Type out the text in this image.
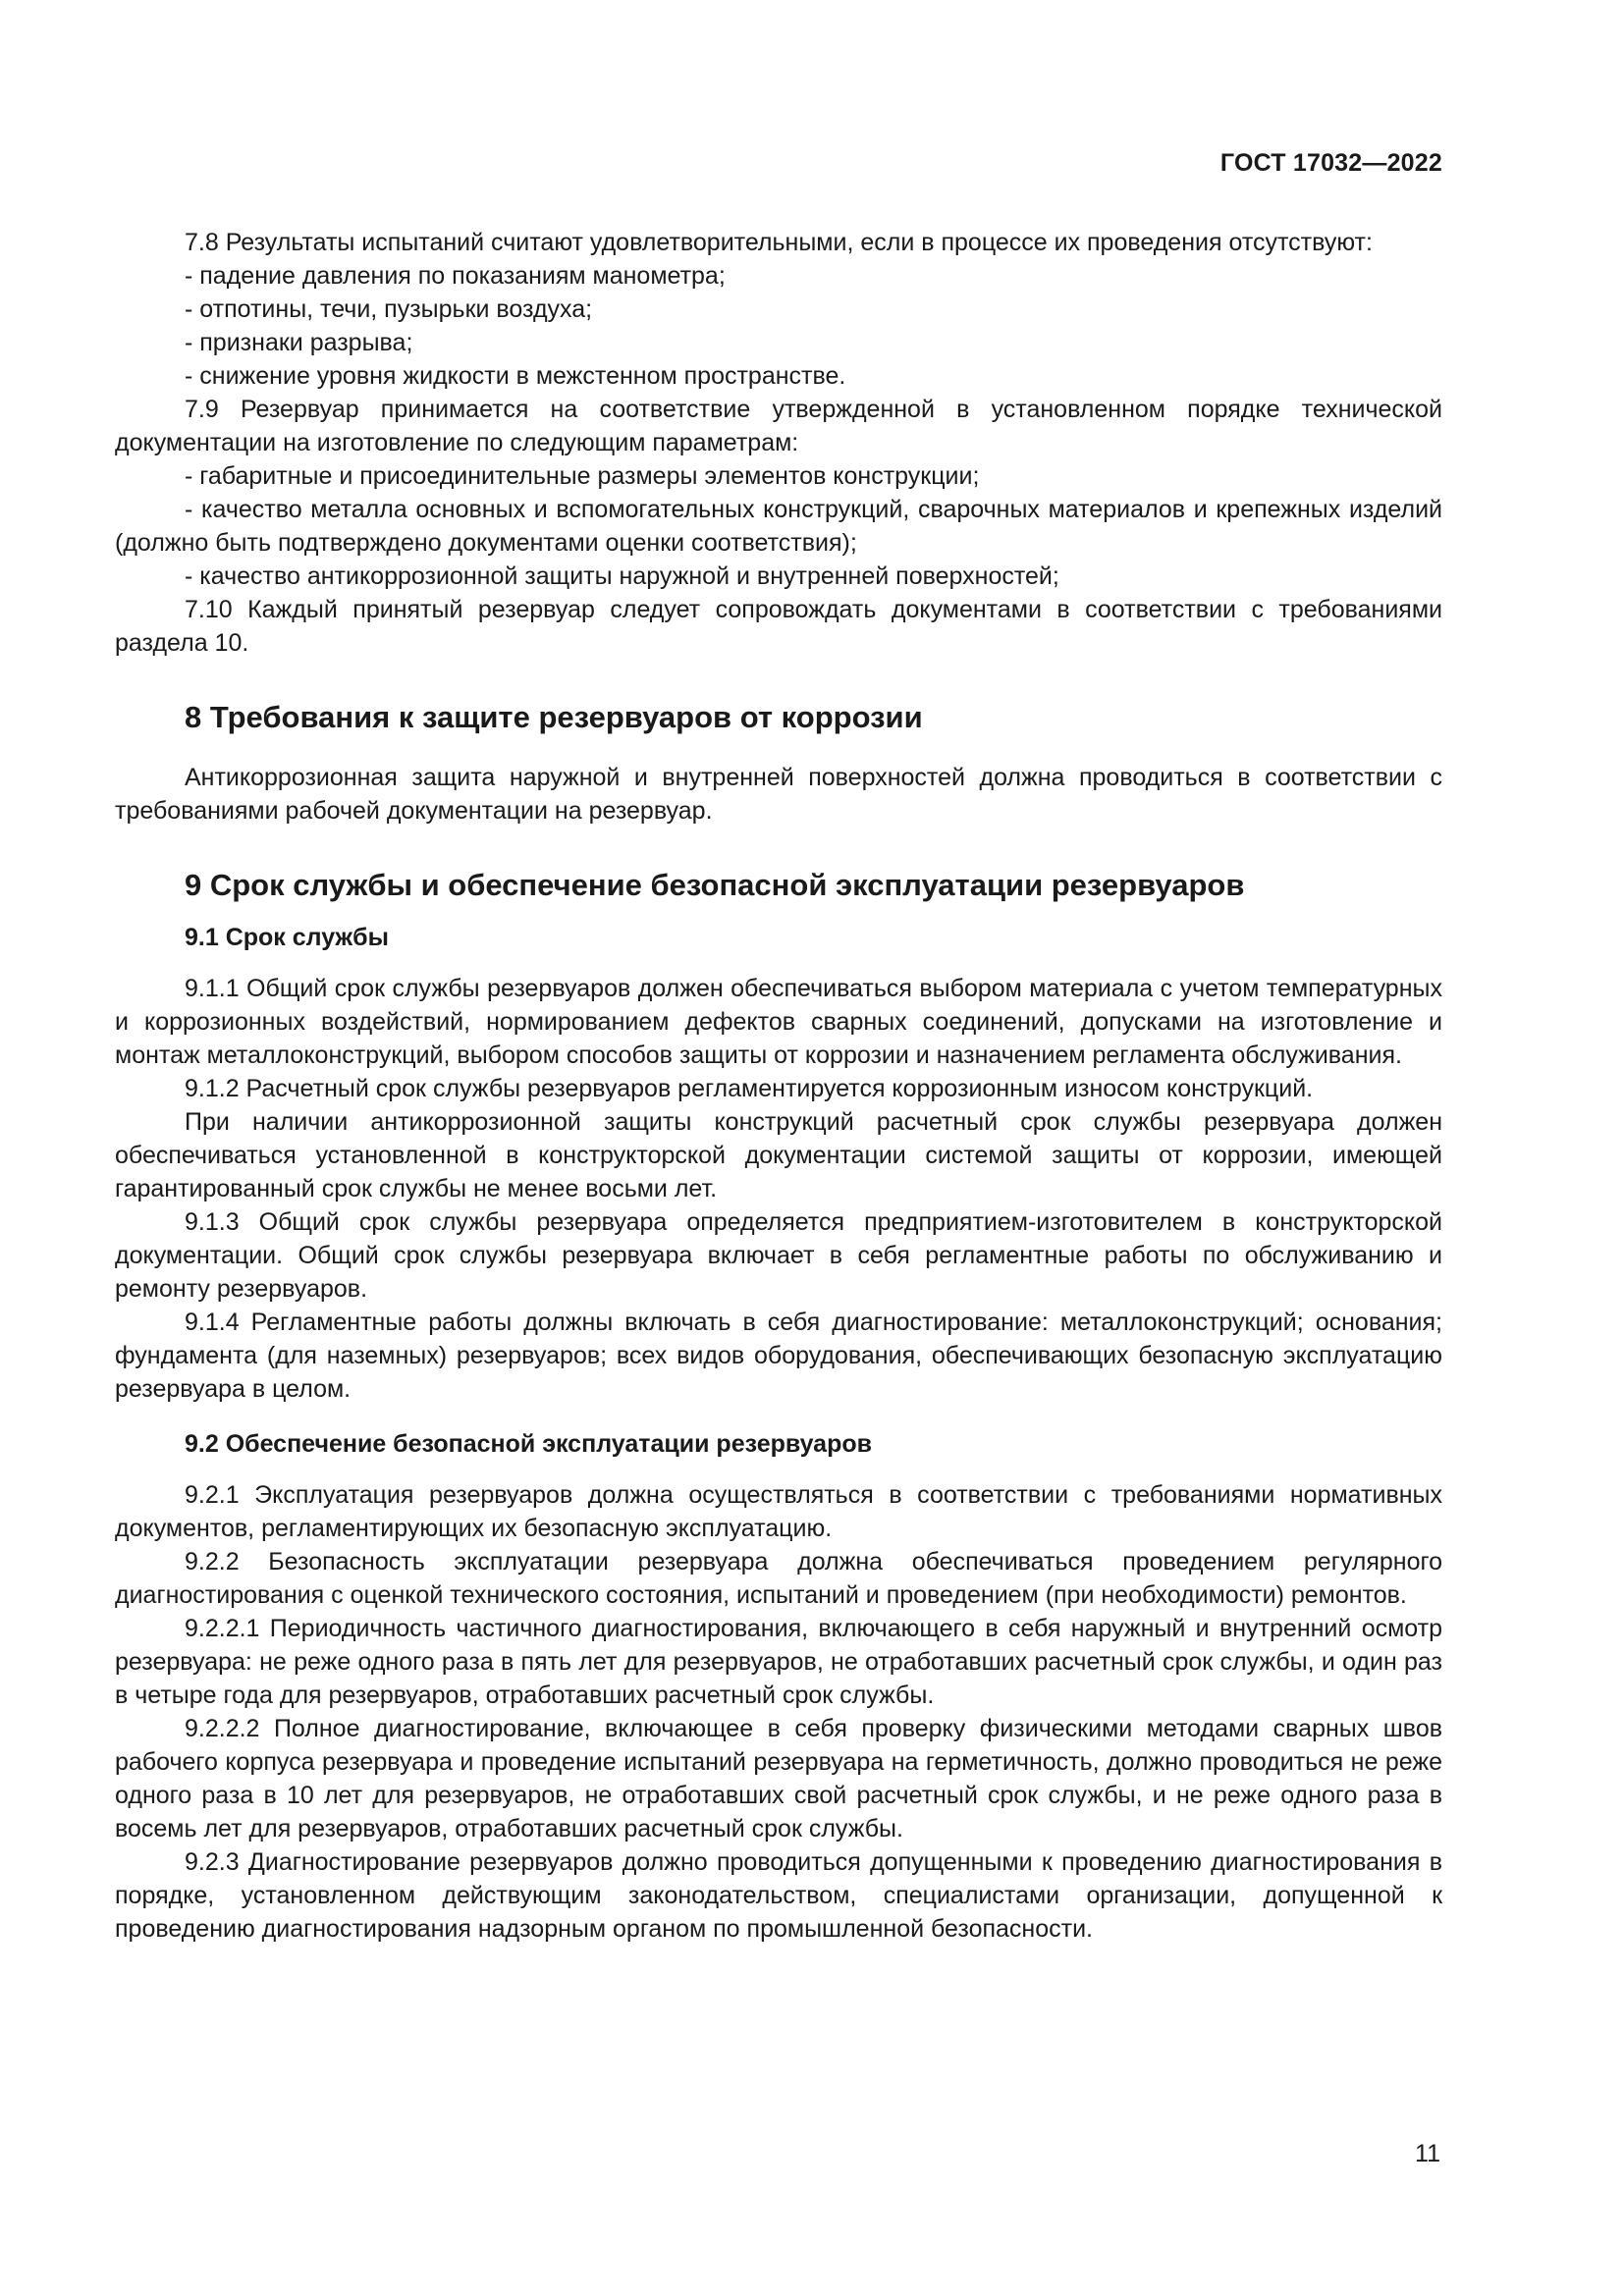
ГОСТ 17032—2022

7.8 Результаты испытаний считают удовлетворительными, если в процессе их проведения отсутствуют:

- падение давления по показаниям манометра;

- отпотины, течи, пузырьки воздуха;

- признаки разрыва;

- снижение уровня жидкости в межстенном пространстве.

7.9 Резервуар принимается на соответствие утвержденной в установленном порядке технической документации на изготовление по следующим параметрам:

- габаритные и присоединительные размеры элементов конструкции;

- качество металла основных и вспомогательных конструкций, сварочных материалов и крепежных изделий (должно быть подтверждено документами оценки соответствия);

- качество антикоррозионной защиты наружной и внутренней поверхностей;

7.10 Каждый принятый резервуар следует сопровождать документами в соответствии с требованиями раздела 10.

8 Требования к защите резервуаров от коррозии

Антикоррозионная защита наружной и внутренней поверхностей должна проводиться в соответствии с требованиями рабочей документации на резервуар.

9 Срок службы и обеспечение безопасной эксплуатации резервуаров
9.1 Срок службы

9.1.1 Общий срок службы резервуаров должен обеспечиваться выбором материала с учетом температурных и коррозионных воздействий, нормированием дефектов сварных соединений, допусками на изготовление и монтаж металлоконструкций, выбором способов защиты от коррозии и назначением регламента обслуживания.

9.1.2 Расчетный срок службы резервуаров регламентируется коррозионным износом конструкций.

При наличии антикоррозионной защиты конструкций расчетный срок службы резервуара должен обеспечиваться установленной в конструкторской документации системой защиты от коррозии, имеющей гарантированный срок службы не менее восьми лет.

9.1.3 Общий срок службы резервуара определяется предприятием-изготовителем в конструкторской документации. Общий срок службы резервуара включает в себя регламентные работы по обслуживанию и ремонту резервуаров.

9.1.4 Регламентные работы должны включать в себя диагностирование: металлоконструкций; основания; фундамента (для наземных) резервуаров; всех видов оборудования, обеспечивающих безопасную эксплуатацию резервуара в целом.

9.2 Обеспечение безопасной эксплуатации резервуаров

9.2.1 Эксплуатация резервуаров должна осуществляться в соответствии с требованиями нормативных документов, регламентирующих их безопасную эксплуатацию.

9.2.2 Безопасность эксплуатации резервуара должна обеспечиваться проведением регулярного диагностирования с оценкой технического состояния, испытаний и проведением (при необходимости) ремонтов.

9.2.2.1 Периодичность частичного диагностирования, включающего в себя наружный и внутренний осмотр резервуара: не реже одного раза в пять лет для резервуаров, не отработавших расчетный срок службы, и один раз в четыре года для резервуаров, отработавших расчетный срок службы.

9.2.2.2 Полное диагностирование, включающее в себя проверку физическими методами сварных швов рабочего корпуса резервуара и проведение испытаний резервуара на герметичность, должно проводиться не реже одного раза в 10 лет для резервуаров, не отработавших свой расчетный срок службы, и не реже одного раза в восемь лет для резервуаров, отработавших расчетный срок службы.

9.2.3 Диагностирование резервуаров должно проводиться допущенными к проведению диагностирования в порядке, установленном действующим законодательством, специалистами организации, допущенной к проведению диагностирования надзорным органом по промышленной безопасности.

11
